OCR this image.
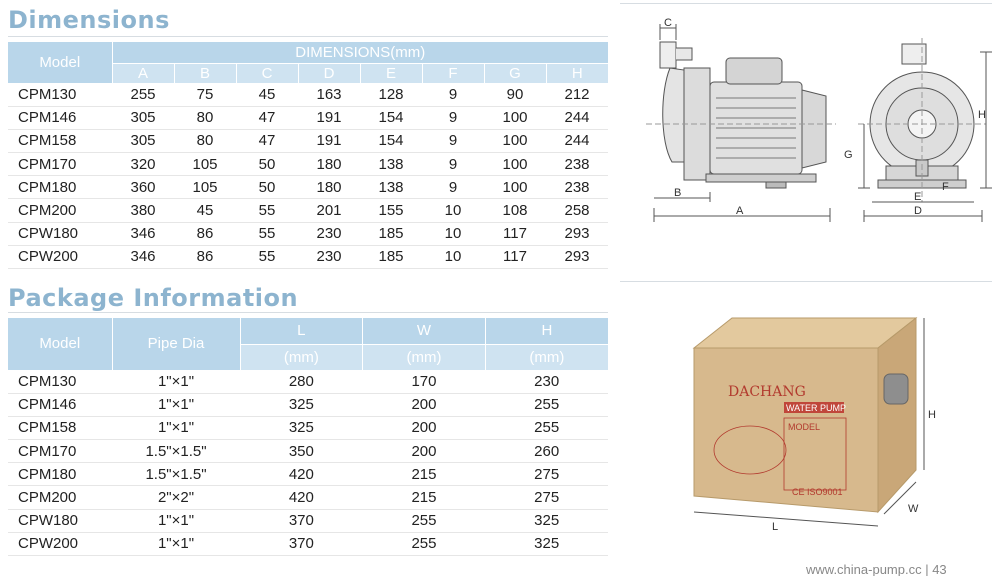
Dimensions
Model	DIMENSIONS(mm)							
	A	B	C	D	E	F	G	H
CPM130	255	75	45	163	128	9	90	212
CPM146	305	80	47	191	154	9	100	244
CPM158	305	80	47	191	154	9	100	244
CPM170	320	105	50	180	138	9	100	238
CPM180	360	105	50	180	138	9	100	238
CPM200	380	45	55	201	155	10	108	258
CPW180	346	86	55	230	185	10	117	293
CPW200	346	86	55	230	185	10	117	293
Package Information
Model	Pipe Dia	L	W	H
		(mm)	(mm)	(mm)
CPM130	1"×1"	280	170	230
CPM146	1"×1"	325	200	255
CPM158	1"×1"	325	200	255
CPM170	1.5"×1.5"	350	200	260
CPM180	1.5"×1.5"	420	215	275
CPM200	2"×2"	420	215	275
CPW180	1"×1"	370	255	325
CPW200	1"×1"	370	255	325
C
B
A
G
H
E
F
D
DACHANG
WATER PUMP
MODEL
CE ISO9001
L
W
H
www.china-pump.cc | 43
